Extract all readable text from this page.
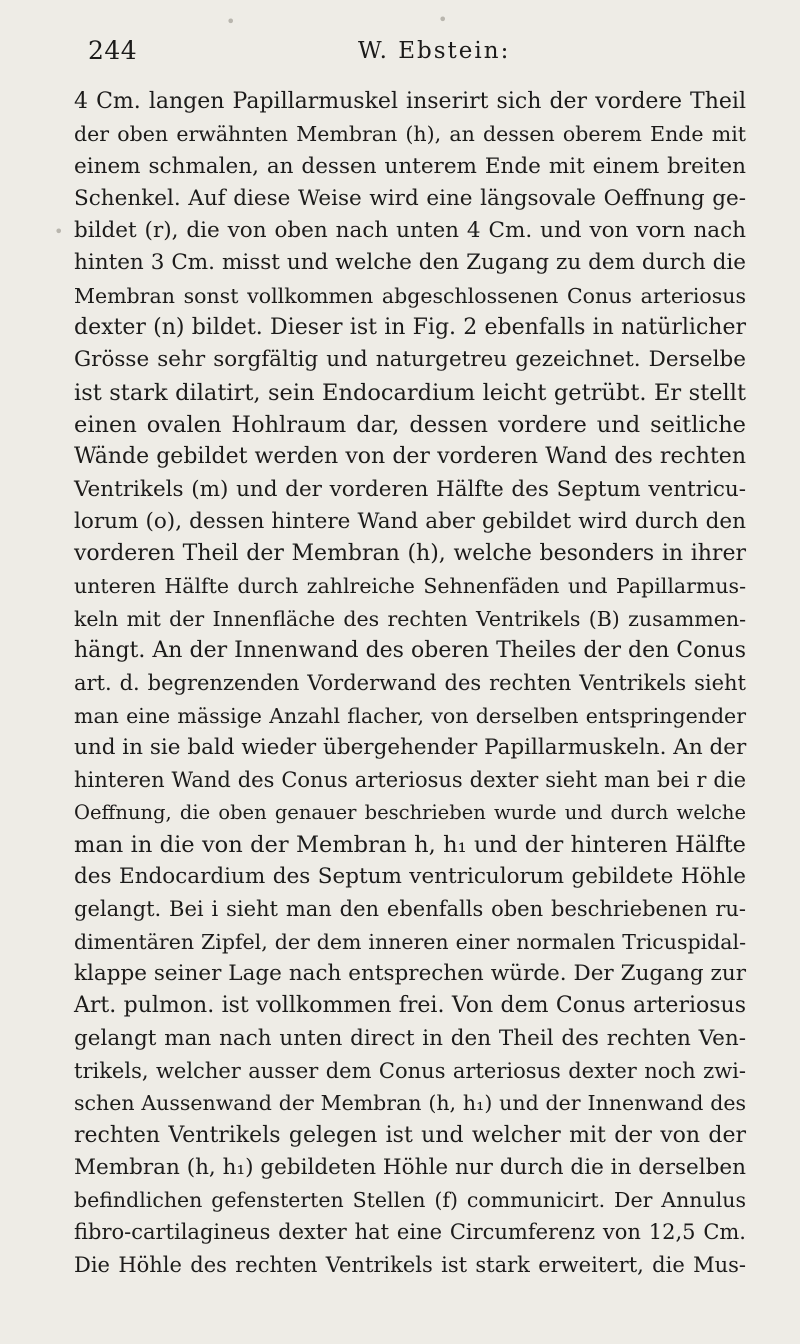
244	W. Ebstein:
•
•
•
4 Cm. langen Papillarmuskel inserirt sich der vordere Theil
der oben erwähnten Membran (h), an dessen oberem Ende mit
einem schmalen, an dessen unterem Ende mit einem breiten
Schenkel. Auf diese Weise wird eine längsovale Oeffnung ge-
bildet (r), die von oben nach unten 4 Cm. und von vorn nach
hinten 3 Cm. misst und welche den Zugang zu dem durch die
Membran sonst vollkommen abgeschlossenen Conus arteriosus
dexter (n) bildet. Dieser ist in Fig. 2 ebenfalls in natürlicher
Grösse sehr sorgfältig und naturgetreu gezeichnet. Derselbe
ist stark dilatirt, sein Endocardium leicht getrübt. Er stellt
einen ovalen Hohlraum dar, dessen vordere und seitliche
Wände gebildet werden von der vorderen Wand des rechten
Ventrikels (m) und der vorderen Hälfte des Septum ventricu-
lorum (o), dessen hintere Wand aber gebildet wird durch den
vorderen Theil der Membran (h), welche besonders in ihrer
unteren Hälfte durch zahlreiche Sehnenfäden und Papillarmus-
keln mit der Innenfläche des rechten Ventrikels (B) zusammen-
hängt. An der Innenwand des oberen Theiles der den Conus
art. d. begrenzenden Vorderwand des rechten Ventrikels sieht
man eine mässige Anzahl flacher, von derselben entspringender
und in sie bald wieder übergehender Papillarmuskeln. An der
hinteren Wand des Conus arteriosus dexter sieht man bei r die
Oeffnung, die oben genauer beschrieben wurde und durch welche
man in die von der Membran h, h₁ und der hinteren Hälfte
des Endocardium des Septum ventriculorum gebildete Höhle
gelangt. Bei i sieht man den ebenfalls oben beschriebenen ru-
dimentären Zipfel, der dem inneren einer normalen Tricuspidal-
klappe seiner Lage nach entsprechen würde. Der Zugang zur
Art. pulmon. ist vollkommen frei. Von dem Conus arteriosus
gelangt man nach unten direct in den Theil des rechten Ven-
trikels, welcher ausser dem Conus arteriosus dexter noch zwi-
schen Aussenwand der Membran (h, h₁) und der Innenwand des
rechten Ventrikels gelegen ist und welcher mit der von der
Membran (h, h₁) gebildeten Höhle nur durch die in derselben
befindlichen gefensterten Stellen (f) communicirt. Der Annulus
fibro-cartilagineus dexter hat eine Circumferenz von 12,5 Cm.
Die Höhle des rechten Ventrikels ist stark erweitert, die Mus-
